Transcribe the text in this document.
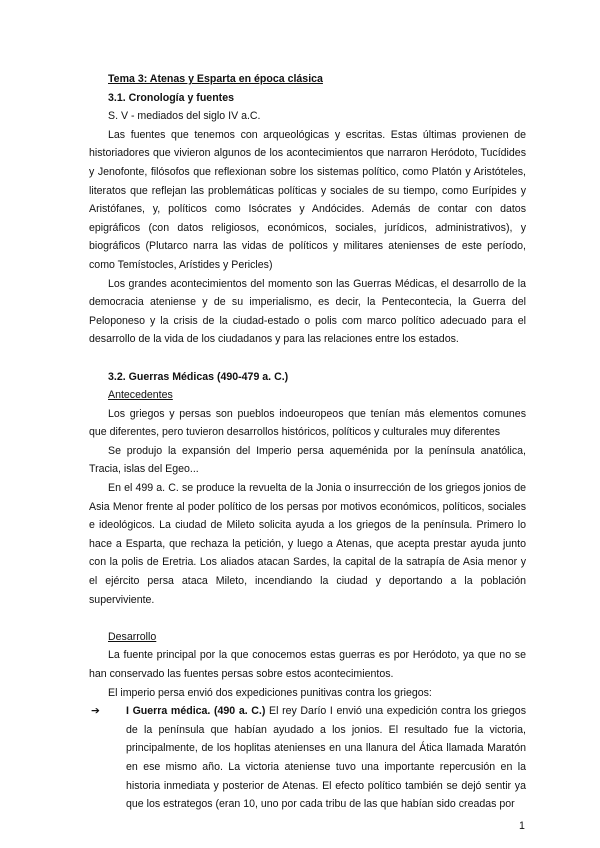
Tema 3: Atenas y Esparta en época clásica

3.1. Cronología y fuentes

S. V - mediados del siglo IV a.C.

Las fuentes que tenemos con arqueológicas y escritas. Estas últimas provienen de historiadores que vivieron algunos de los acontecimientos que narraron Heródoto, Tucídides y Jenofonte, filósofos que reflexionan sobre los sistemas político, como Platón y Aristóteles, literatos que reflejan las problemáticas políticas y sociales de su tiempo, como Eurípides y Aristófanes, y, políticos como Isócrates y Andócides. Además de contar con datos epigráficos (con datos religiosos, económicos, sociales, jurídicos, administrativos), y biográficos (Plutarco narra las vidas de políticos y militares atenienses de este período, como Temístocles, Arístides y Pericles)

Los grandes acontecimientos del momento son las Guerras Médicas, el desarrollo de la democracia ateniense y de su imperialismo, es decir, la Pentecontecia, la Guerra del Peloponeso y la crisis de la ciudad-estado o polis com marco político adecuado para el desarrollo de la vida de los ciudadanos y para las relaciones entre los estados.

3.2. Guerras Médicas (490-479 a. C.)

Antecedentes

Los griegos y persas son pueblos indoeuropeos que tenían más elementos comunes que diferentes, pero tuvieron desarrollos históricos, políticos y culturales muy diferentes

Se produjo la expansión del Imperio persa aqueménida por la península anatólica, Tracia, islas del Egeo...

En el 499 a. C. se produce la revuelta de la Jonia o insurrección de los griegos jonios de Asia Menor frente al poder político de los persas por motivos económicos, políticos, sociales e ideológicos. La ciudad de Mileto solicita ayuda a los griegos de la península. Primero lo hace a Esparta, que rechaza la petición, y luego a Atenas, que acepta prestar ayuda junto con la polis de Eretria. Los aliados atacan Sardes, la capital de la satrapía de Asia menor y el ejército persa ataca Mileto, incendiando la ciudad y deportando a la población superviviente.

Desarrollo

La fuente principal por la que conocemos estas guerras es por Heródoto, ya que no se han conservado las fuentes persas sobre estos acontecimientos.

El imperio persa envió dos expediciones punitivas contra los griegos:

➔ I Guerra médica. (490 a. C.) El rey Darío I envió una expedición contra los griegos de la península que habían ayudado a los jonios. El resultado fue la victoria, principalmente, de los hoplitas atenienses en una llanura del Ática llamada Maratón en ese mismo año. La victoria ateniense tuvo una importante repercusión en la historia inmediata y posterior de Atenas. El efecto político también se dejó sentir ya que los estrategos (eran 10, uno por cada tribu de las que habían sido creadas por

1
